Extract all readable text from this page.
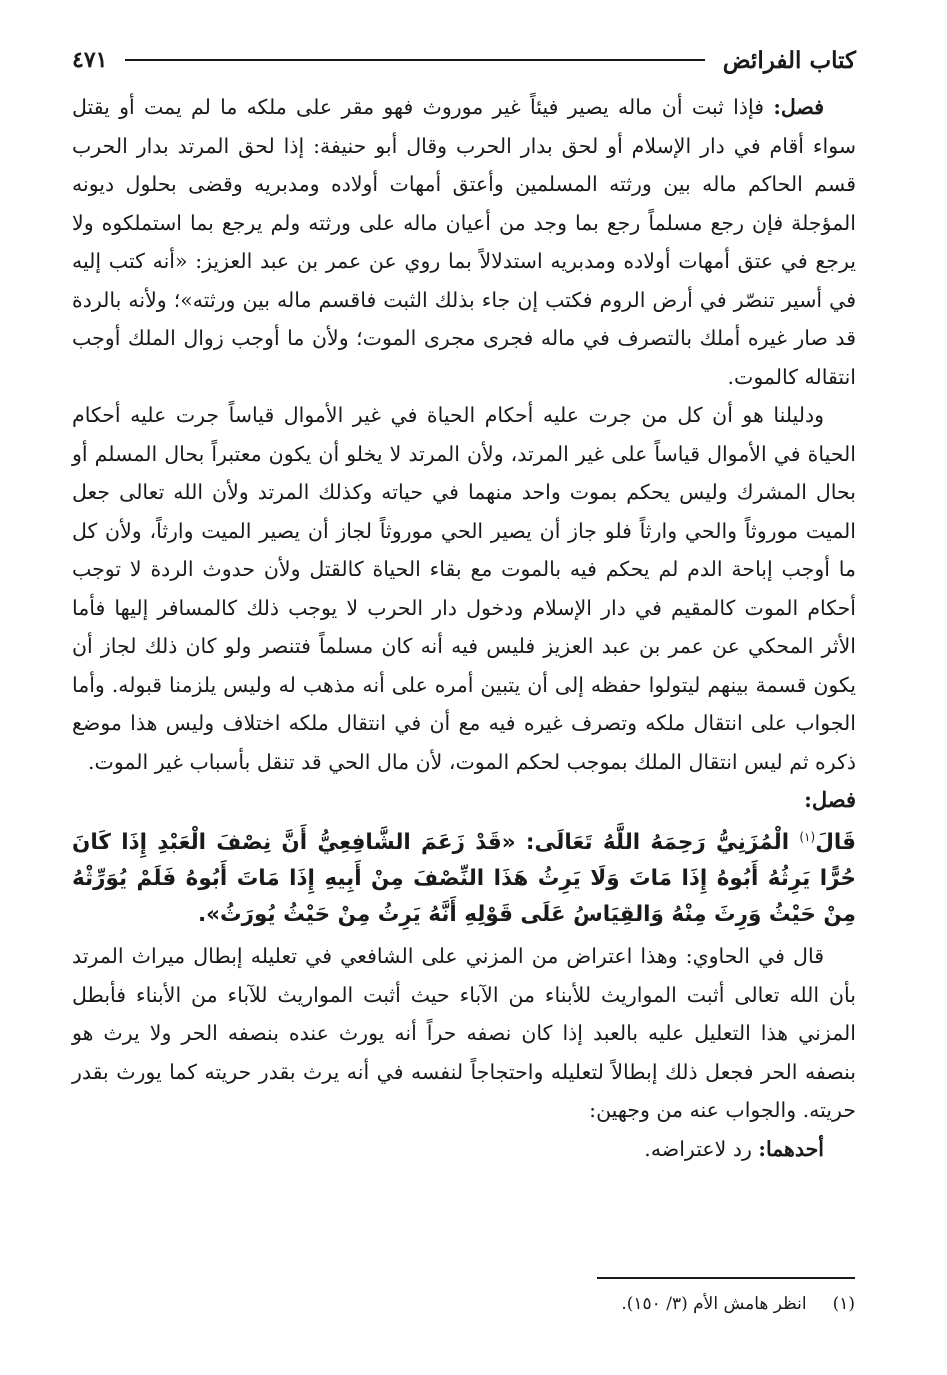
كتاب الفرائض
٤٧١

فصل: فإذا ثبت أن ماله يصير فيئاً غير موروث فهو مقر على ملكه ما لم يمت أو يقتل سواء أقام في دار الإسلام أو لحق بدار الحرب وقال أبو حنيفة: إذا لحق المرتد بدار الحرب قسم الحاكم ماله بين ورثته المسلمين وأعتق أمهات أولاده ومدبريه وقضى بحلول ديونه المؤجلة فإن رجع مسلماً رجع بما وجد من أعيان ماله على ورثته ولم يرجع بما استملكوه ولا يرجع في عتق أمهات أولاده ومدبريه استدلالاً بما روي عن عمر بن عبد العزيز: «أنه كتب إليه في أسير تنصّر في أرض الروم فكتب إن جاء بذلك الثبت فاقسم ماله بين ورثته»؛ ولأنه بالردة قد صار غيره أملك بالتصرف في ماله فجرى مجرى الموت؛ ولأن ما أوجب زوال الملك أوجب انتقاله كالموت.

ودليلنا هو أن كل من جرت عليه أحكام الحياة في غير الأموال قياساً جرت عليه أحكام الحياة في الأموال قياساً على غير المرتد، ولأن المرتد لا يخلو أن يكون معتبراً بحال المسلم أو بحال المشرك وليس يحكم بموت واحد منهما في حياته وكذلك المرتد ولأن الله تعالى جعل الميت موروثاً والحي وارثاً فلو جاز أن يصير الحي موروثاً لجاز أن يصير الميت وارثاً، ولأن كل ما أوجب إباحة الدم لم يحكم فيه بالموت مع بقاء الحياة كالقتل ولأن حدوث الردة لا توجب أحكام الموت كالمقيم في دار الإسلام ودخول دار الحرب لا يوجب ذلك كالمسافر إليها فأما الأثر المحكي عن عمر بن عبد العزيز فليس فيه أنه كان مسلماً فتنصر ولو كان ذلك لجاز أن يكون قسمة بينهم ليتولوا حفظه إلى أن يتبين أمره على أنه مذهب له وليس يلزمنا قبوله. وأما الجواب على انتقال ملكه وتصرف غيره فيه مع أن في انتقال ملكه اختلاف وليس هذا موضع ذكره ثم ليس انتقال الملك بموجب لحكم الموت، لأن مال الحي قد تنقل بأسباب غير الموت.

فصل:

قَالَ$^{(١)}$ الْمُزَنِيُّ رَحِمَهُ اللَّهُ تَعَالَى: «قَدْ زَعَمَ الشَّافِعِيُّ أَنَّ نِصْفَ الْعَبْدِ إِذَا كَانَ حُرًّا يَرِثُهُ أَبُوهُ إِذَا مَاتَ وَلَا يَرِثُ هَذَا النِّصْفَ مِنْ أَبِيهِ إِذَا مَاتَ أَبُوهُ فَلَمْ يُوَرِّثْهُ مِنْ حَيْثُ وَرِثَ مِنْهُ وَالقِيَاسُ عَلَى قَوْلِهِ أَنَّهُ يَرِثُ مِنْ حَيْثُ يُورَثُ».

قال في الحاوي: وهذا اعتراض من المزني على الشافعي في تعليله إبطال ميراث المرتد بأن الله تعالى أثبت المواريث للأبناء من الآباء حيث أثبت المواريث للآباء من الأبناء فأبطل المزني هذا التعليل عليه بالعبد إذا كان نصفه حراً أنه يورث عنده بنصفه الحر ولا يرث هو بنصفه الحر فجعل ذلك إبطالاً لتعليله واحتجاجاً لنفسه في أنه يرث بقدر حريته كما يورث بقدر حريته. والجواب عنه من وجهين:

أحدهما: رد لاعتراضه.

(١)انظر هامش الأم (٣/ ١٥٠).
